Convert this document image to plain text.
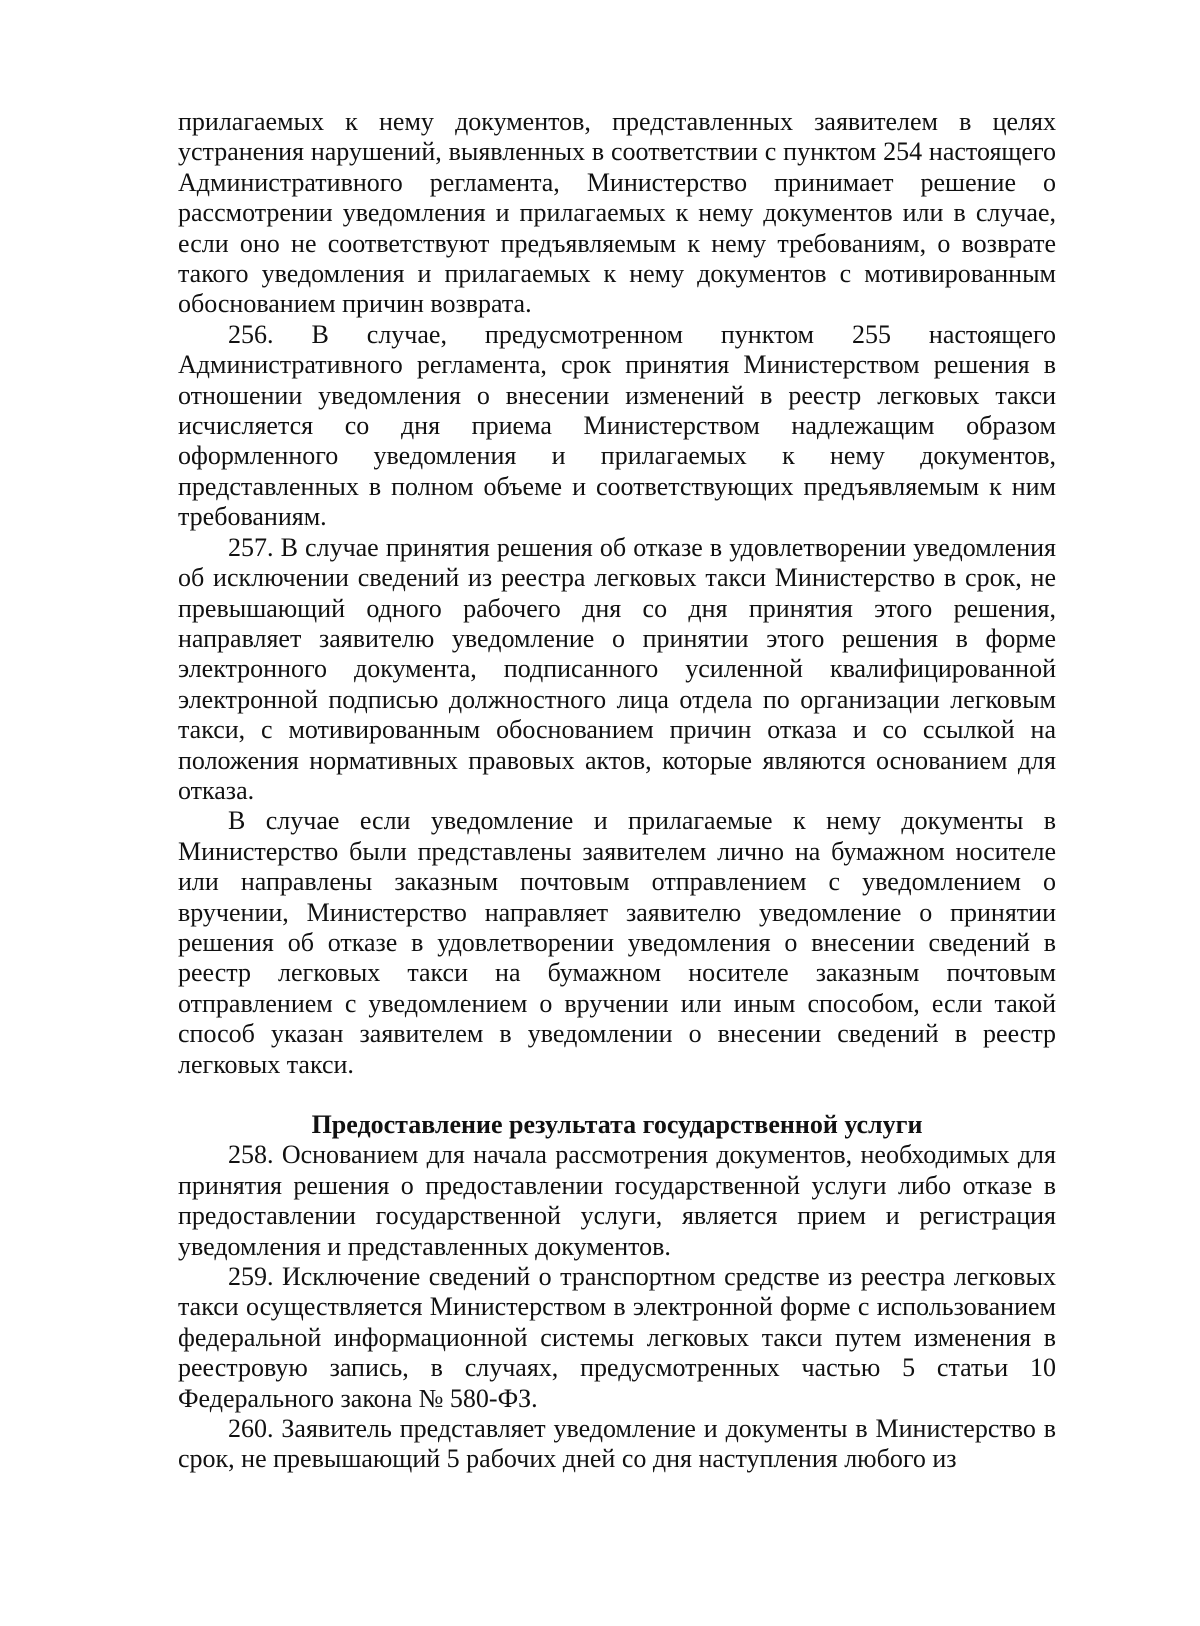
прилагаемых к нему документов, представленных заявителем в целях устранения нарушений, выявленных в соответствии с пунктом 254 настоящего Административного регламента, Министерство принимает решение о рассмотрении уведомления и прилагаемых к нему документов или в случае, если оно не соответствуют предъявляемым к нему требованиям, о возврате такого уведомления и прилагаемых к нему документов с мотивированным обоснованием причин возврата.

256. В случае, предусмотренном пунктом 255 настоящего Административного регламента, срок принятия Министерством решения в отношении уведомления о внесении изменений в реестр легковых такси исчисляется со дня приема Министерством надлежащим образом оформленного уведомления и прилагаемых к нему документов, представленных в полном объеме и соответствующих предъявляемым к ним требованиям.

257. В случае принятия решения об отказе в удовлетворении уведомления об исключении сведений из реестра легковых такси Министерство в срок, не превышающий одного рабочего дня со дня принятия этого решения, направляет заявителю уведомление о принятии этого решения в форме электронного документа, подписанного усиленной квалифицированной электронной подписью должностного лица отдела по организации легковым такси, с мотивированным обоснованием причин отказа и со ссылкой на положения нормативных правовых актов, которые являются основанием для отказа.

В случае если уведомление и прилагаемые к нему документы в Министерство были представлены заявителем лично на бумажном носителе или направлены заказным почтовым отправлением с уведомлением о вручении, Министерство направляет заявителю уведомление о принятии решения об отказе в удовлетворении уведомления о внесении сведений в реестр легковых такси на бумажном носителе заказным почтовым отправлением с уведомлением о вручении или иным способом, если такой способ указан заявителем в уведомлении о внесении сведений в реестр легковых такси.

Предоставление результата государственной услуги

258. Основанием для начала рассмотрения документов, необходимых для принятия решения о предоставлении государственной услуги либо отказе в предоставлении государственной услуги, является прием и регистрация уведомления и представленных документов.

259. Исключение сведений о транспортном средстве из реестра легковых такси осуществляется Министерством в электронной форме с использованием федеральной информационной системы легковых такси путем изменения в реестровую запись, в случаях, предусмотренных частью 5 статьи 10 Федерального закона № 580-ФЗ.

260. Заявитель представляет уведомление и документы в Министерство в срок, не превышающий 5 рабочих дней со дня наступления любого из
